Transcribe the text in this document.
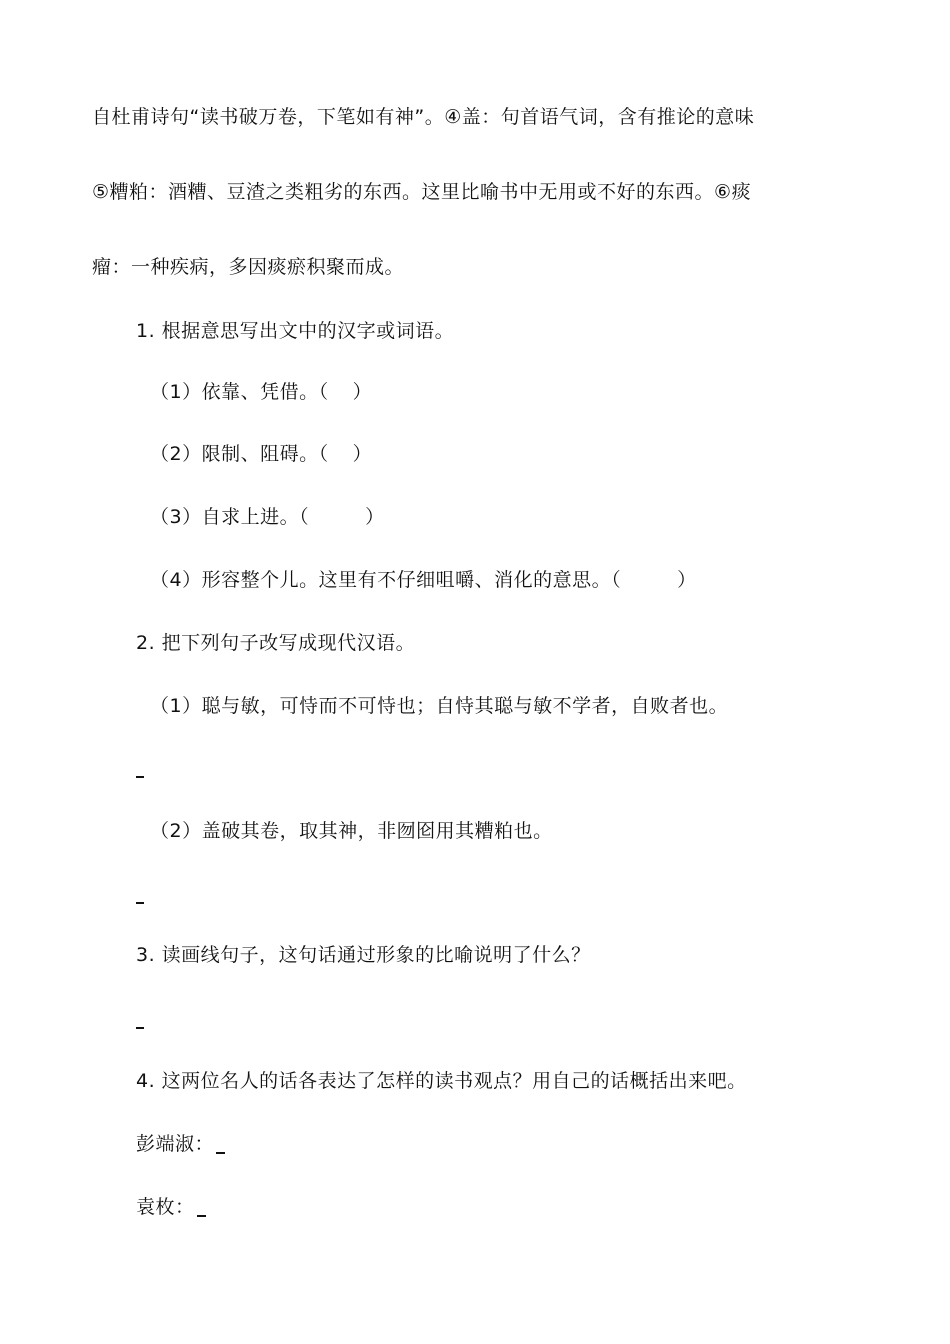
自杜甫诗句“读书破万卷，下笔如有神”。④盖：句首语气词，含有推论的意味
⑤糟粕：酒糟、豆渣之类粗劣的东西。这里比喻书中无用或不好的东西。⑥痰
瘤：一种疾病，多因痰瘀积聚而成。
1. 根据意思写出文中的汉字或词语。
（1）依靠、凭借。（ ）
（2）限制、阻碍。（ ）
（3）自求上进。（	）
（4）形容整个儿。这里有不仔细咀嚼、消化的意思。（	）
2. 把下列句子改写成现代汉语。
（1）聪与敏，可恃而不可恃也；自恃其聪与敏不学者，自败者也。
（2）盖破其卷，取其神，非囫囵用其糟粕也。
3. 读画线句子，这句话通过形象的比喻说明了什么？
4. 这两位名人的话各表达了怎样的读书观点？用自己的话概括出来吧。
彭端淑：
袁枚：
